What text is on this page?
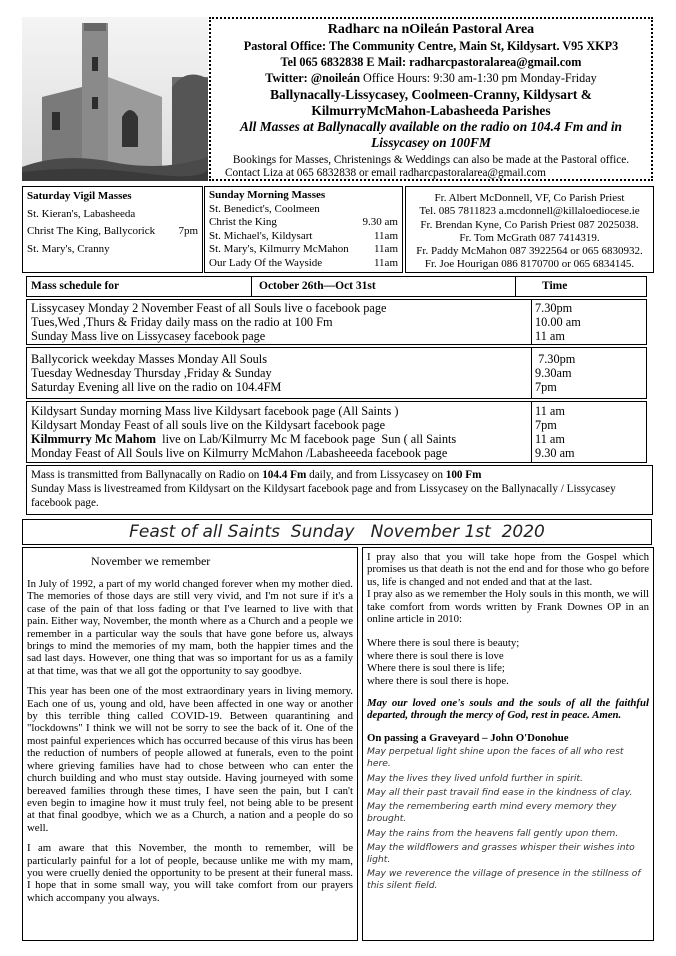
Radharc na nOileán Pastoral Area
Pastoral Office: The Community Centre, Main St, Kildysart. V95 XKP3
Tel 065 6832838 E Mail: radharcpastoralarea@gmail.com
Twitter: @noileán Office Hours: 9:30 am-1:30 pm Monday-Friday
Ballynacally-Lissycasey, Coolmeen-Cranny, Kildysart &
KilmurryMcMahon-Labasheeda Parishes
All Masses at Ballynacally available on the radio on 104.4 Fm and in
Lissycasey on 100FM
Bookings for Masses, Christenings & Weddings can also be made at the Pastoral office.
Contact Liza at 065 6832838 or email radharcpastoralarea@gmail.com
Saturday Vigil Masses
St. Kieran's, Labasheeda
Christ The King, Ballycorick 7pm
St. Mary's, Cranny
Sunday Morning Masses
St. Benedict's, Coolmeen
Christ the King	9.30 am
St. Michael's, Kildysart	11am
St. Mary's, Kilmurry McMahon 11am
Our Lady Of the Wayside	11am
Fr. Albert McDonnell, VF, Co Parish Priest
Tel. 085 7811823 a.mcdonnell@killaloediocese.ie
Fr. Brendan Kyne, Co Parish Priest 087 2025038.
Fr. Tom McGrath 087 7414319.
Fr. Paddy McMahon 087 3922564 or 065 6830932.
Fr. Joe Hourigan 086 8170700 or 065 6834145.
Mass schedule for	October 26th—Oct 31st	Time
Lissycasey Monday 2 November Feast of all Souls live o facebook page	7.30pm
Tues,Wed ,Thurs & Friday daily mass on the radio at 100 Fm	10.00 am
Sunday Mass live on Lissycasey facebook page	11 am
Ballycorick weekday Masses Monday All Souls	7.30pm
Tuesday Wednesday Thursday ,Friday & Sunday	9.30am
Saturday Evening all live on the radio on 104.4FM	7pm
Kildysart Sunday morning Mass live Kildysart facebook page (All Saints )	11 am
Kildysart Monday Feast of all souls live on the Kildysart facebook page	7pm
Kilmmurry Mc Mahom  live on Lab/Kilmurry Mc M facebook page  Sun ( all Saints	11 am
Monday Feast of All Souls live on Kilmurry McMahon /Labasheeeda facebook page	9.30 am
Mass is transmitted from Ballynacally on Radio on 104.4 Fm daily, and from Lissycasey on 100 Fm
Sunday Mass is livestreamed from Kildysart on the Kildysart facebook page and from Lissycasey on the Ballynacally / Lissycasey facebook page.
Feast of all Saints  Sunday   November 1st  2020
November we remember

In July of 1992, a part of my world changed forever when my mother died. The memories of those days are still very vivid, and I'm not sure if it's a case of the pain of that loss fading or that I've learned to live with that pain. Either way, November, the month where as a Church and a people we remember in a particular way the souls that have gone before us, always brings to mind the memories of my mam, both the happier times and the sad last days. However, one thing that was so important for us as a family at that time, was that we all got the opportunity to say goodbye.

This year has been one of the most extraordinary years in living memory. Each one of us, young and old, have been affected in one way or another by this terrible thing called COVID-19. Between quarantining and "lockdowns" I think we will not be sorry to see the back of it. One of the most painful experiences which has occurred because of this virus has been the reduction of numbers of people allowed at funerals, even to the point where grieving families have had to chose between who can enter the church building and who must stay outside. Having journeyed with some bereaved families through these times, I have seen the pain, but I can't even begin to imagine how it must truly feel, not being able to be present at that final goodbye, which we as a Church, a nation and a people do so well.

I am aware that this November, the month to remember, will be particularly painful for a lot of people, because unlike me with my mam, you were cruelly denied the opportunity to be present at their funeral mass. I hope that in some small way, you will take comfort from our prayers which accompany you always.

I pray also that you will take hope from the Gospel which promises us that death is not the end and for those who go before us, life is changed and not ended and that at the last.

I pray also as we remember the Holy souls in this month, we will take comfort from words written by Frank Downes OP in an online article in 2010:

Where there is soul there is beauty;
where there is soul there is love
Where there is soul there is life;
where there is soul there is hope.

May our loved one's souls and the souls of all the faithful departed, through the mercy of God, rest in peace. Amen.

On passing a Graveyard – John O'Donohue

May perpetual light shine upon the faces of all who rest here.

May the lives they lived unfold further in spirit.

May all their past travail find ease in the kindness of clay.

May the remembering earth mind every memory they brought.

May the rains from the heavens fall gently upon them.

May the wildflowers and grasses whisper their wishes into light.

May we reverence the village of presence in the stillness of this silent field.
